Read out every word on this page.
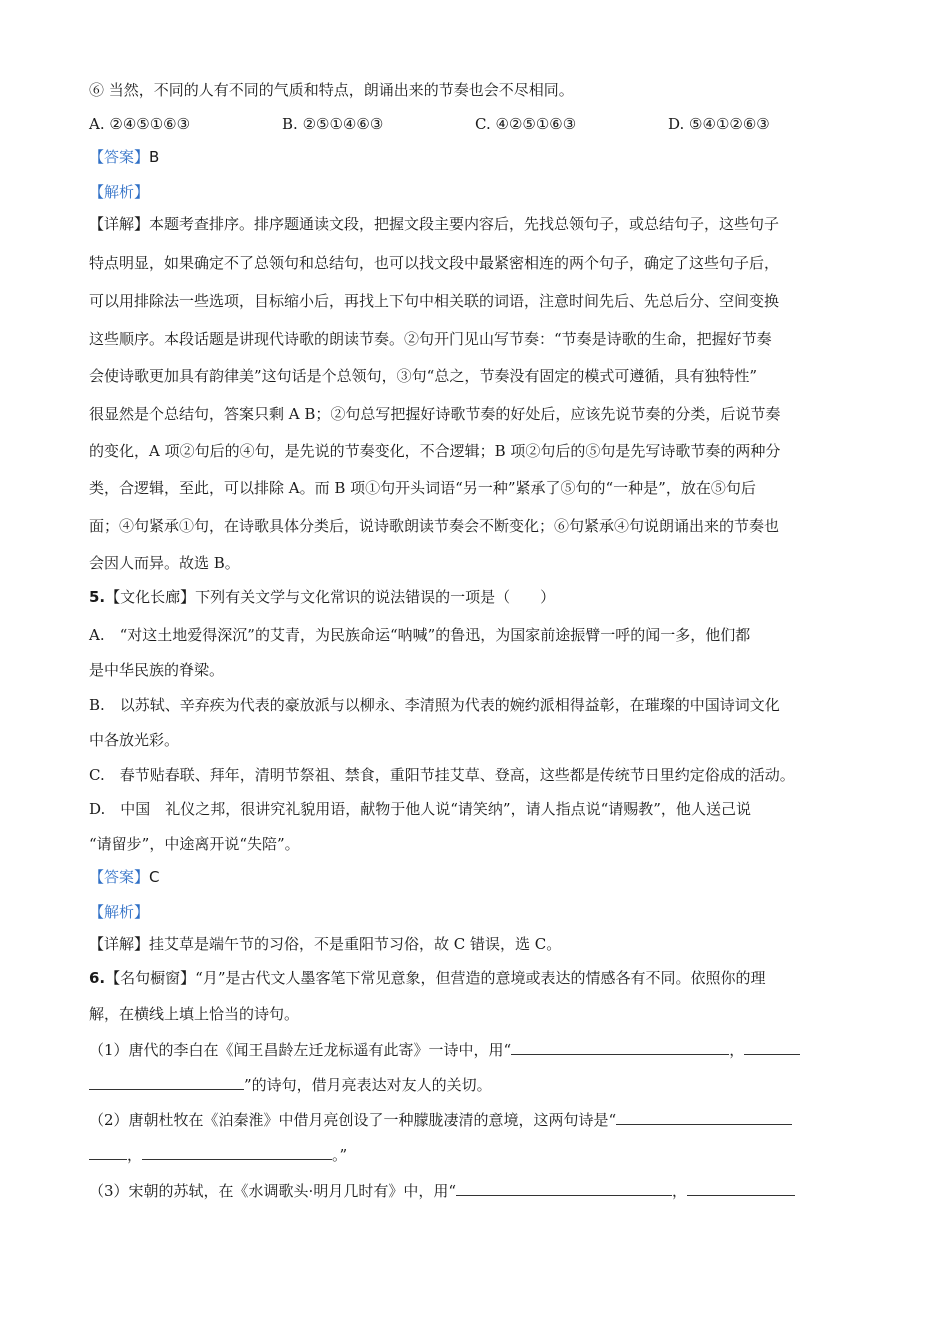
⑥ 当然，不同的人有不同的气质和特点，朗诵出来的节奏也会不尽相同。
A. ②④⑤①⑥③	B. ②⑤①④⑥③	C. ④②⑤①⑥③	D. ⑤④①②⑥③
【答案】B
【解析】
【详解】本题考查排序。排序题通读文段，把握文段主要内容后，先找总领句子，或总结句子，这些句子
特点明显，如果确定不了总领句和总结句，也可以找文段中最紧密相连的两个句子，确定了这些句子后，
可以用排除法一些选项，目标缩小后，再找上下句中相关联的词语，注意时间先后、先总后分、空间变换
这些顺序。本段话题是讲现代诗歌的朗读节奏。②句开门见山写节奏：“节奏是诗歌的生命，把握好节奏
会使诗歌更加具有韵律美”这句话是个总领句，③句“总之，节奏没有固定的模式可遵循，具有独特性”
很显然是个总结句，答案只剩 A B；②句总写把握好诗歌节奏的好处后，应该先说节奏的分类，后说节奏
的变化，A 项②句后的④句，是先说的节奏变化，不合逻辑；B 项②句后的⑤句是先写诗歌节奏的两种分
类，合逻辑，至此，可以排除 A。而 B 项①句开头词语“另一种”紧承了⑤句的“一种是”，放在⑤句后
面；④句紧承①句，在诗歌具体分类后，说诗歌朗读节奏会不断变化；⑥句紧承④句说朗诵出来的节奏也
会因人而异。故选 B。
5.【文化长廊】下列有关文学与文化常识的说法错误的一项是（　　）
A.　“对这土地爱得深沉”的艾青，为民族命运“呐喊”的鲁迅，为国家前途振臂一呼的闻一多，他们都
是中华民族的脊梁。
B.　以苏轼、辛弃疾为代表的豪放派与以柳永、李清照为代表的婉约派相得益彰，在璀璨的中国诗词文化
中各放光彩。
C.　春节贴春联、拜年，清明节祭祖、禁食，重阳节挂艾草、登高，这些都是传统节日里约定俗成的活动。
D.　中国　礼仪之邦，很讲究礼貌用语，献物于他人说“请笑纳”，请人指点说“请赐教”，他人送己说
“请留步”，中途离开说“失陪”。
【答案】C
【解析】
【详解】挂艾草是端午节的习俗，不是重阳节习俗，故 C 错误，选 C。
6.【名句橱窗】“月”是古代文人墨客笔下常见意象，但营造的意境或表达的情感各有不同。依照你的理
解，在横线上填上恰当的诗句。
（1）唐代的李白在《闻王昌龄左迁龙标遥有此寄》一诗中，用“	，
”的诗句，借月亮表达对友人的关切。
（2）唐朝杜牧在《泊秦淮》中借月亮创设了一种朦胧凄清的意境，这两句诗是“
，	。”
（3）宋朝的苏轼，在《水调歌头·明月几时有》中，用“	，
